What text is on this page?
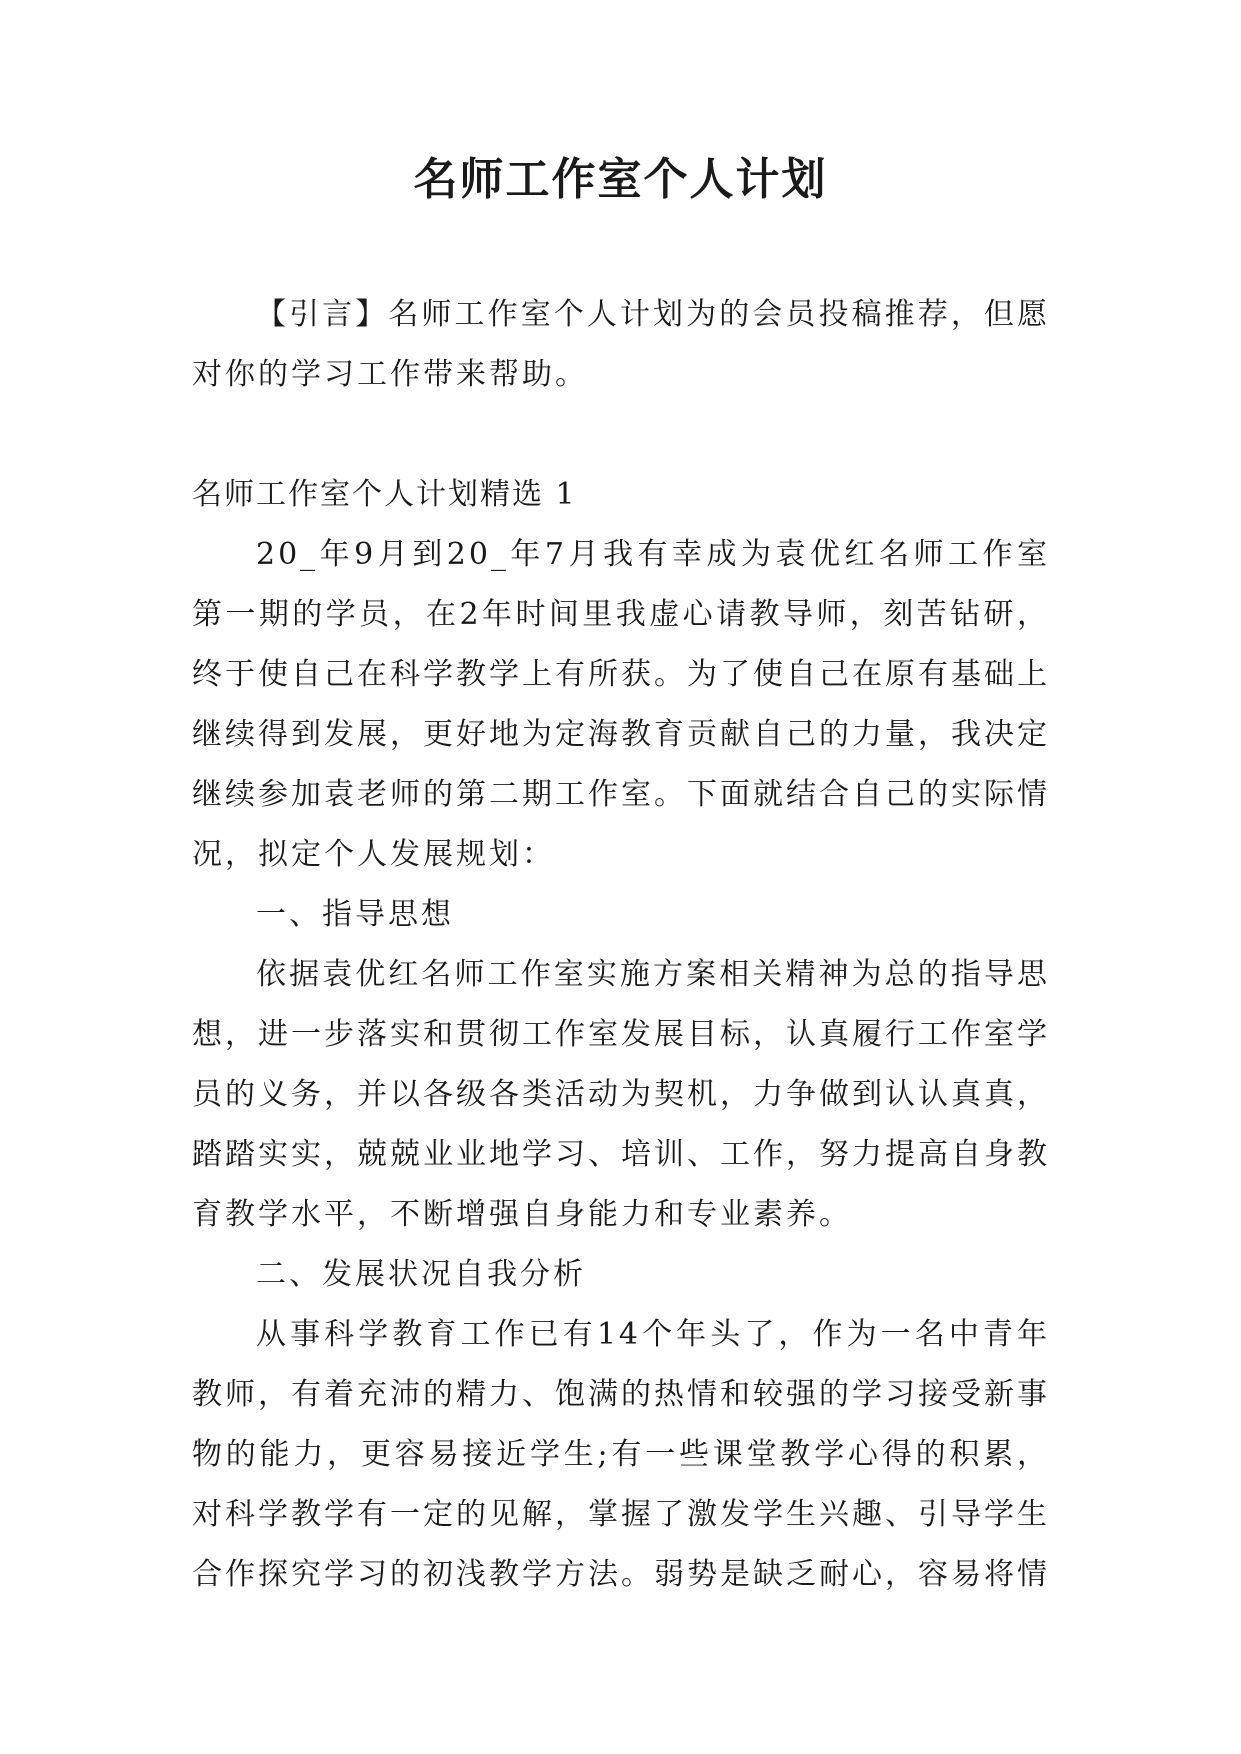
名师工作室个人计划

【引言】名师工作室个人计划为的会员投稿推荐，但愿对你的学习工作带来帮助。

名师工作室个人计划精选 1

20_年9月到20_年7月我有幸成为袁优红名师工作室第一期的学员，在2年时间里我虚心请教导师，刻苦钻研，终于使自己在科学教学上有所获。为了使自己在原有基础上继续得到发展，更好地为定海教育贡献自己的力量，我决定继续参加袁老师的第二期工作室。下面就结合自己的实际情况，拟定个人发展规划：

一、指导思想

依据袁优红名师工作室实施方案相关精神为总的指导思想，进一步落实和贯彻工作室发展目标，认真履行工作室学员的义务，并以各级各类活动为契机，力争做到认认真真，踏踏实实，兢兢业业地学习、培训、工作，努力提高自身教育教学水平，不断增强自身能力和专业素养。

二、发展状况自我分析

从事科学教育工作已有14个年头了，作为一名中青年教师，有着充沛的精力、饱满的热情和较强的学习接受新事物的能力，更容易接近学生;有一些课堂教学心得的积累，对科学教学有一定的见解，掌握了激发学生兴趣、引导学生合作探究学习的初浅教学方法。弱势是缺乏耐心，容易将情
